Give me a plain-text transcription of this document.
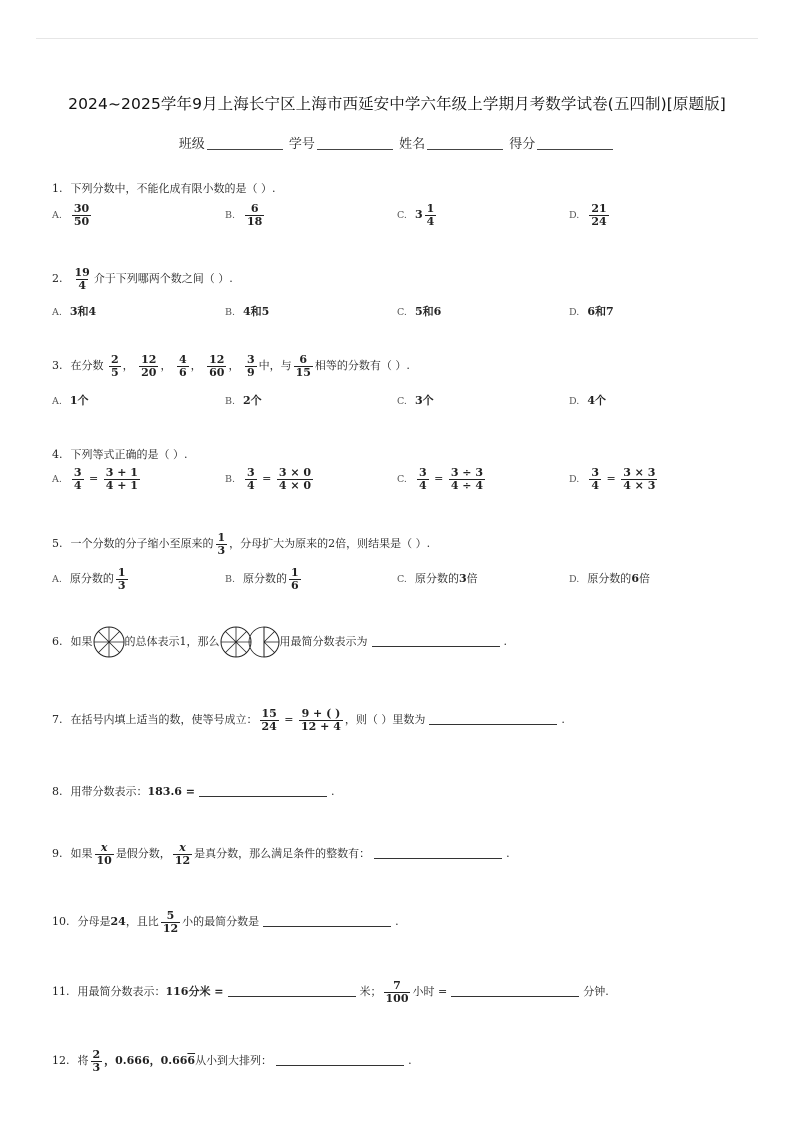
2024~2025学年9月上海长宁区上海市西延安中学六年级上学期月考数学试卷(五四制)[原题版]
班级	学号	姓名	得分
1. 下列分数中，不能化成有限小数的是（ ）.
A. $\frac{30}{50}$	B. $\frac{6}{18}$	C. $3 \frac{1}{4}$	D. $\frac{21}{24}$
2. $\frac{19}{4}$ 介于下列哪两个数之间（ ）.
A. 3和4	B. 4和5	C. 5和6	D. 6和7
3. 在分数 $\frac{2}{5}$ ， $\frac{12}{20}$ ， $\frac{4}{6}$ ， $\frac{12}{60}$ ， $\frac{3}{9}$ 中，与 $\frac{6}{15}$ 相等的分数有（ ）.
A. 1个	B. 2个	C. 3个	D. 4个
4. 下列等式正确的是（ ）.
A. $\frac{3}{4} = \frac{3 + 1}{4 + 1}$	B. $\frac{3}{4} = \frac{3 \times 0}{4 \times 0}$	C. $\frac{3}{4} = \frac{3 \div 3}{4 \div 4}$	D. $\frac{3}{4} = \frac{3 \times 3}{4 \times 3}$
5. 一个分数的分子缩小至原来的 $\frac{1}{3}$ ，分母扩大为原来的2倍，则结果是（ ）.
A. 原分数的 $\frac{1}{3}$	B. 原分数的 $\frac{1}{6}$	C. 原分数的3倍	D. 原分数的6倍
6. 如果	的总体表示1，那么	用最简分数表示为	.
7. 在括号内填上适当的数，使等号成立： $\frac{15}{24} = \frac{9 + ( )}{12 + 4}$ ，则（ ）里数为	.
8. 用带分数表示：183.6 =	.
9. 如果 $\frac{x}{10}$ 是假分数， $\frac{x}{12}$ 是真分数，那么满足条件的整数有：	.
10. 分母是24，且比 $\frac{5}{12}$ 小的最简分数是	.
11. 用最简分数表示：116分米 =	米； $\frac{7}{100}$ 小时 =	分钟.
12. 将 $\frac{2}{3}$ ，0.666，0.666从小到大排列：	.
